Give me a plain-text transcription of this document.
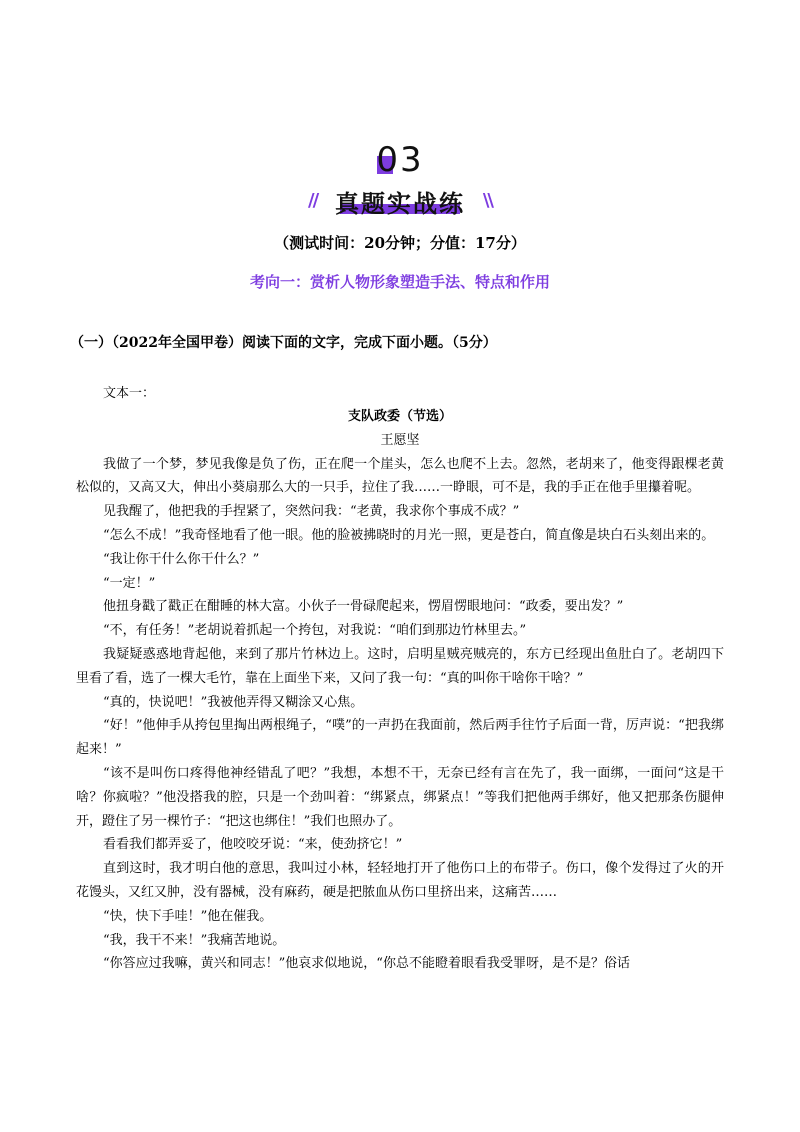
03
// 真题实战练 \\
（测试时间：20分钟；分值：17分）
考向一：赏析人物形象塑造手法、特点和作用
（一）（2022年全国甲卷）阅读下面的文字，完成下面小题。（5分）
文本一：
支队政委（节选）
王愿坚

我做了一个梦，梦见我像是负了伤，正在爬一个崖头，怎么也爬不上去。忽然，老胡来了，他变得跟棵老黄松似的，又高又大，伸出小葵扇那么大的一只手，拉住了我……一睁眼，可不是，我的手正在他手里攥着呢。

见我醒了，他把我的手捏紧了，突然问我：“老黄，我求你个事成不成？”

“怎么不成！”我奇怪地看了他一眼。他的脸被拂晓时的月光一照，更是苍白，简直像是块白石头刻出来的。

“我让你干什么你干什么？”

“一定！”

他扭身戳了戳正在酣睡的林大富。小伙子一骨碌爬起来，愣眉愣眼地问：“政委，要出发？”

“不，有任务！”老胡说着抓起一个挎包，对我说：“咱们到那边竹林里去。”

我疑疑惑惑地背起他，来到了那片竹林边上。这时，启明星贼亮贼亮的，东方已经现出鱼肚白了。老胡四下里看了看，选了一棵大毛竹，靠在上面坐下来，又问了我一句：“真的叫你干啥你干啥？”

“真的，快说吧！”我被他弄得又糊涂又心焦。

“好！”他伸手从挎包里掏出两根绳子，“噗”的一声扔在我面前，然后两手往竹子后面一背，厉声说：“把我绑起来！”

“该不是叫伤口疼得他神经错乱了吧？”我想，本想不干，无奈已经有言在先了，我一面绑，一面问“这是干啥？你疯啦？”他没搭我的腔，只是一个劲叫着：“绑紧点，绑紧点！”等我们把他两手绑好，他又把那条伤腿伸开，蹬住了另一棵竹子：“把这也绑住！”我们也照办了。

看看我们都弄妥了，他咬咬牙说：“来，使劲挤它！”

直到这时，我才明白他的意思，我叫过小林，轻轻地打开了他伤口上的布带子。伤口，像个发得过了火的开花馒头，又红又肿，没有器械，没有麻药，硬是把脓血从伤口里挤出来，这痛苦……

“快，快下手哇！”他在催我。

“我，我干不来！”我痛苦地说。

“你答应过我嘛，黄兴和同志！”他哀求似地说，“你总不能瞪着眼看我受罪呀，是不是？俗话
